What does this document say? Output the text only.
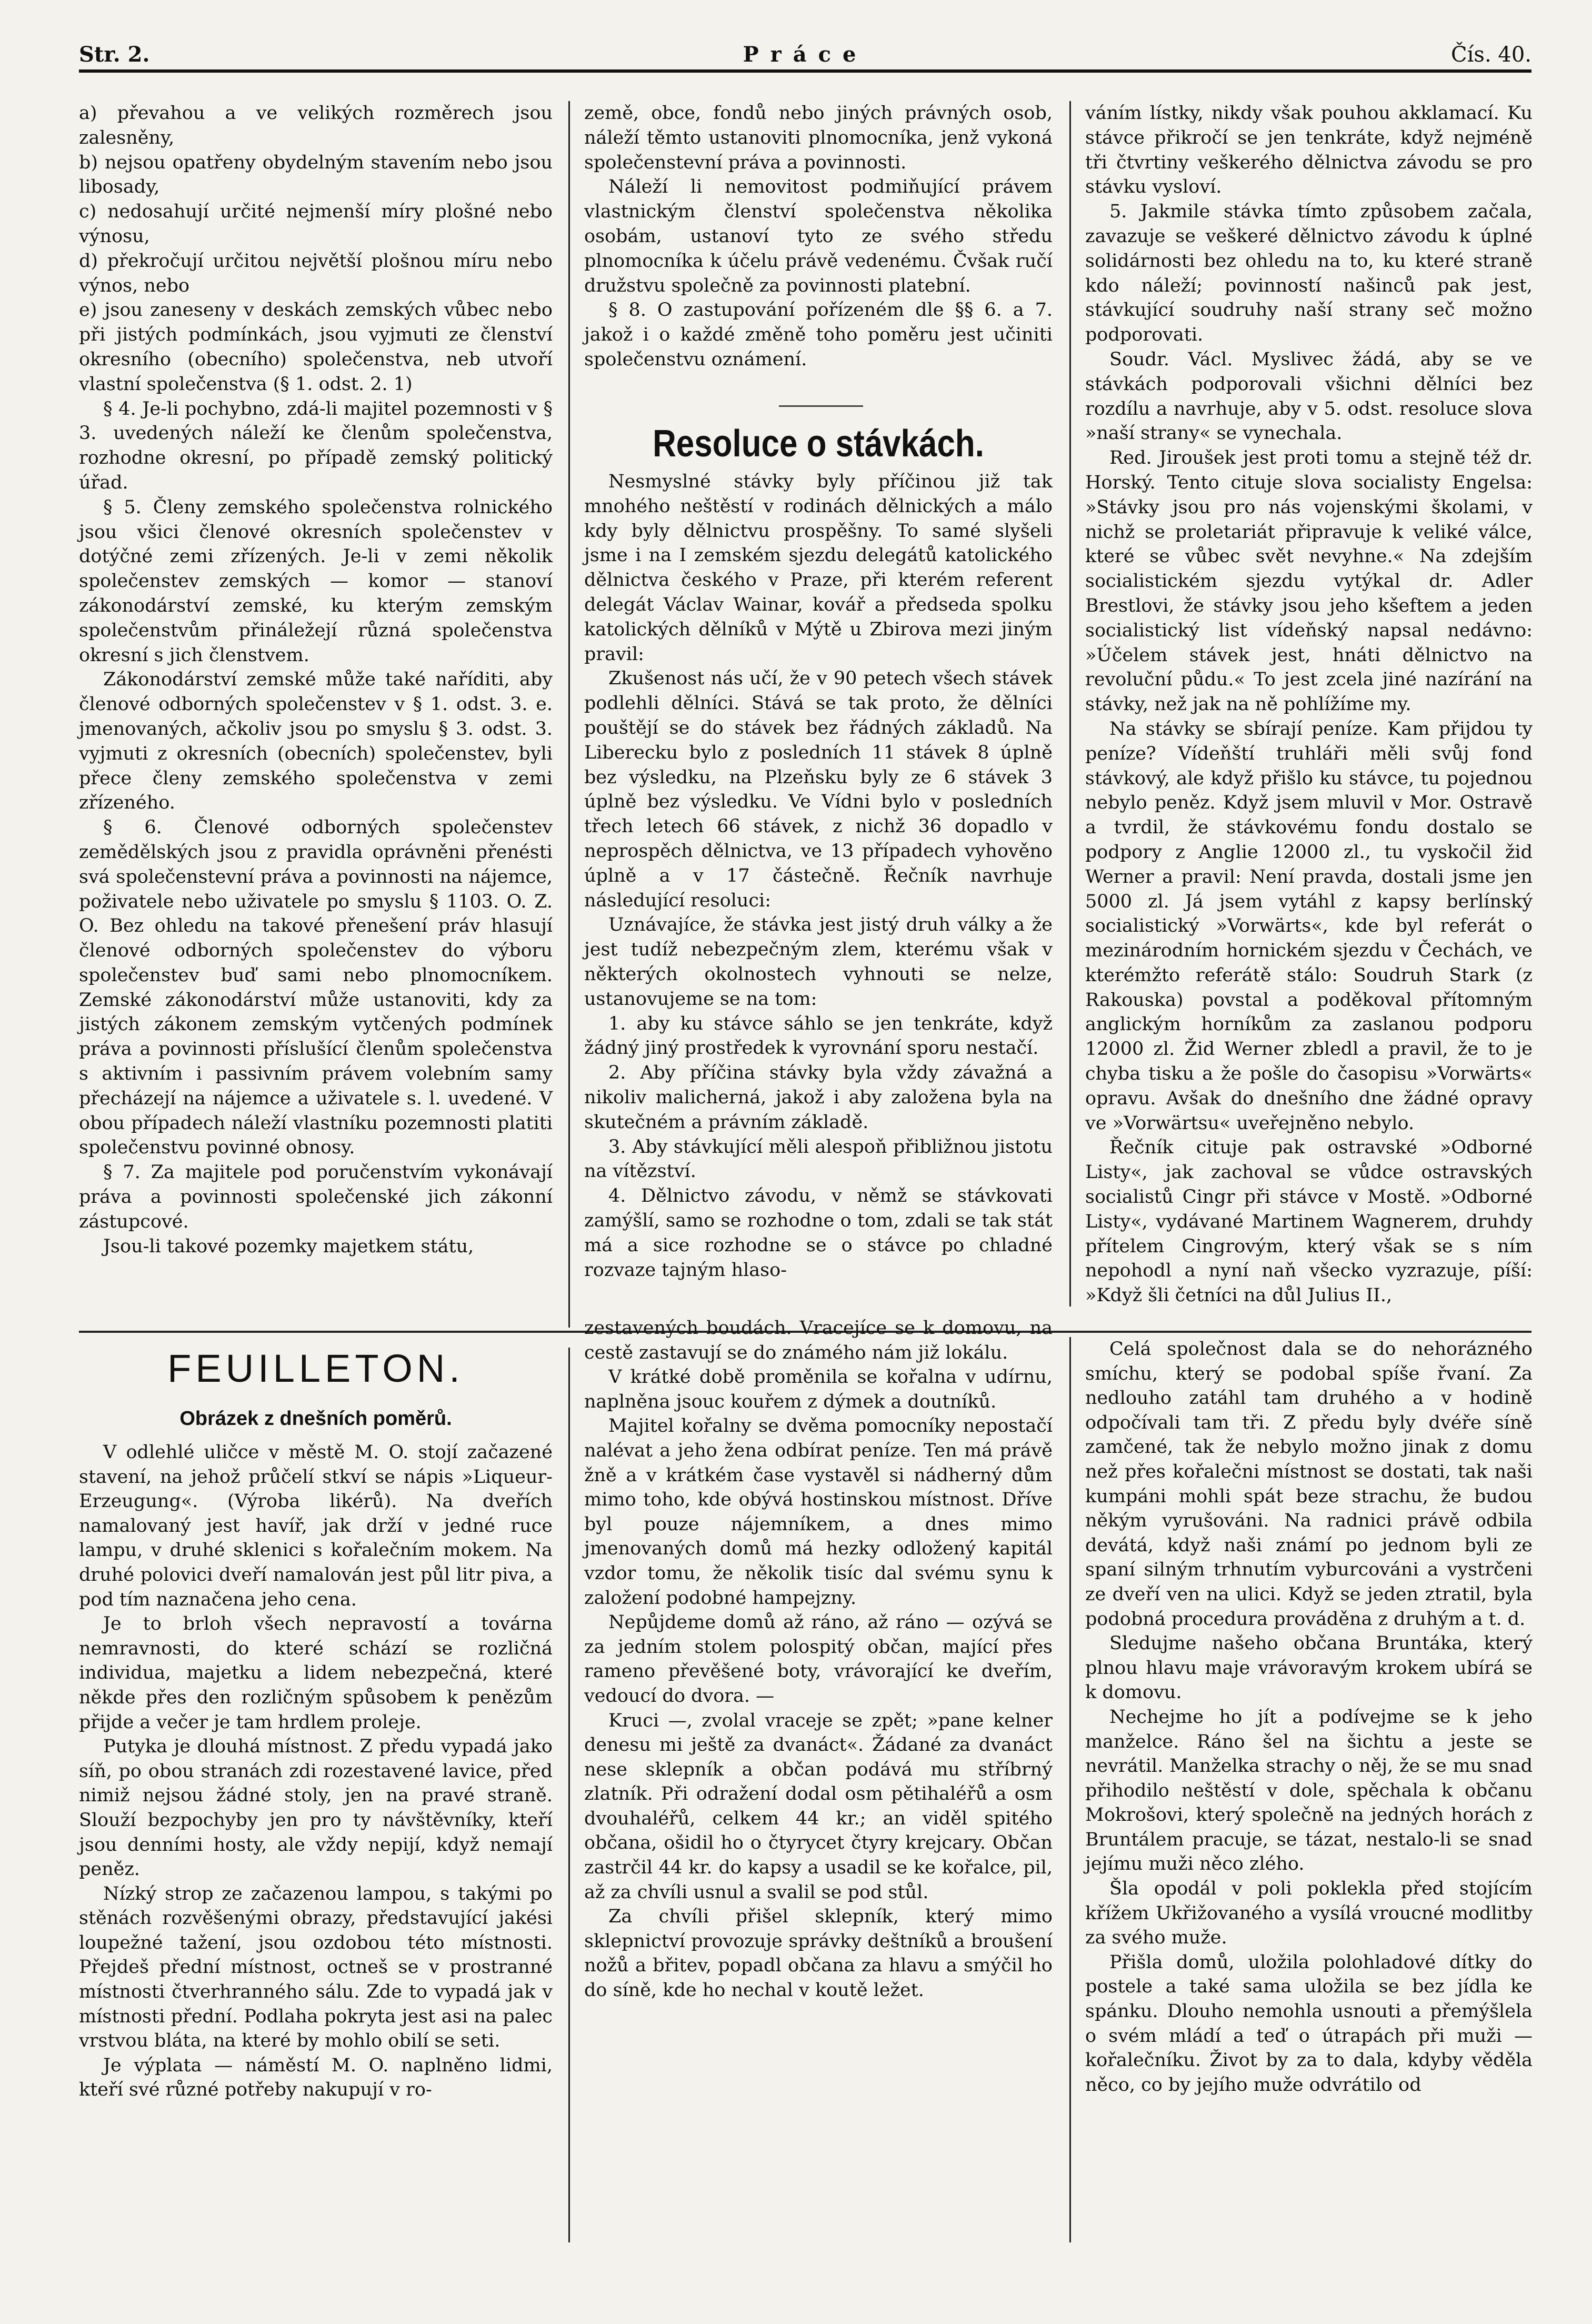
Str. 2.	Práce	Čís. 40.

a) převahou a ve velikých rozměrech jsou zalesněny,

b) nejsou opatřeny obydelným stavením nebo jsou libosady,

c) nedosahují určité nejmenší míry plošné nebo výnosu,

d) překročují určitou největší plošnou míru nebo výnos, nebo

e) jsou zaneseny v deskách zemských vůbec nebo při jistých podmínkách, jsou vyjmuti ze členství okresního (obecního) společenstva, neb utvoří vlastní společenstva (§ 1. odst. 2. 1)

§ 4. Je-li pochybno, zdá-li majitel pozemnosti v § 3. uvedených náleží ke členům společenstva, rozhodne okresní, po případě zemský politický úřad.

§ 5. Členy zemského společenstva rolnického jsou všici členové okresních společenstev v dotýčné zemi zřízených. Je-li v zemi několik společenstev zemských — komor — stanoví zákonodárství zemské, ku kterým zemským společenstvům přináležejí různá společenstva okresní s jich členstvem.

Zákonodárství zemské může také naříditi, aby členové odborných společenstev v § 1. odst. 3. e. jmenovaných, ačkoliv jsou po smyslu § 3. odst. 3. vyjmuti z okresních (obecních) společenstev, byli přece členy zemského společenstva v zemi zřízeného.

§ 6. Členové odborných společenstev zemědělských jsou z pravidla oprávněni přenésti svá společenstevní práva a povinnosti na nájemce, poživatele nebo uživatele po smyslu § 1103. O. Z. O. Bez ohledu na takové přenešení práv hlasují členové odborných společenstev do výboru společenstev buď sami nebo plnomocníkem. Zemské zákonodárství může ustanoviti, kdy za jistých zákonem zemským vytčených podmínek práva a povinnosti příslušící členům společenstva s aktivním i passivním právem volebním samy přecházejí na nájemce a uživatele s. l. uvedené. V obou případech náleží vlastníku pozemnosti platiti společenstvu povinné obnosy.

§ 7. Za majitele pod poručenstvím vykonávají práva a povinnosti společenské jich zákonní zástupcové.

Jsou-li takové pozemky majetkem státu,

země, obce, fondů nebo jiných právných osob, náleží těmto ustanoviti plnomocníka, jenž vykoná společenstevní práva a povinnosti.

Náleží li nemovitost podmiňující právem vlastnickým členství společenstva několika osobám, ustanoví tyto ze svého středu plnomocníka k účelu právě vedenému. Čvšak ručí družstvu společně za povinnosti platební.

§ 8. O zastupování pořízeném dle §§ 6. a 7. jakož i o každé změně toho poměru jest učiniti společenstvu oznámení.

Resoluce o stávkách.

Nesmyslné stávky byly příčinou již tak mnohého neštěstí v rodinách dělnických a málo kdy byly dělnictvu prospěšny. To samé slyšeli jsme i na I zemském sjezdu delegátů katolického dělnictva českého v Praze, při kterém referent delegát Václav Wainar, kovář a předseda spolku katolických dělníků v Mýtě u Zbirova mezi jiným pravil:

Zkušenost nás učí, že v 90 petech všech stávek podlehli dělníci. Stává se tak proto, že dělníci pouštějí se do stávek bez řádných základů. Na Liberecku bylo z posledních 11 stávek 8 úplně bez výsledku, na Plzeňsku byly ze 6 stávek 3 úplně bez výsledku. Ve Vídni bylo v posledních třech letech 66 stávek, z nichž 36 dopadlo v neprospěch dělnictva, ve 13 případech vyhověno úplně a v 17 částečně. Řečník navrhuje následující resoluci:

Uznávajíce, že stávka jest jistý druh války a že jest tudíž nebezpečným zlem, kterému však v některých okolnostech vyhnouti se nelze, ustanovujeme se na tom:

1. aby ku stávce sáhlo se jen tenkráte, když žádný jiný prostředek k vyrovnání sporu nestačí.

2. Aby příčina stávky byla vždy závažná a nikoliv malicherná, jakož i aby založena byla na skutečném a právním základě.

3. Aby stávkující měli alespoň přibližnou jistotu na vítězství.

4. Dělnictvo závodu, v němž se stávkovati zamýšlí, samo se rozhodne o tom, zdali se tak stát má a sice rozhodne se o stávce po chladné rozvaze tajným hlaso-

váním lístky, nikdy však pouhou akklamací. Ku stávce přikročí se jen tenkráte, když nejméně tři čtvrtiny veškerého dělnictva závodu se pro stávku vysloví.

5. Jakmile stávka tímto způsobem začala, zavazuje se veškeré dělnictvo závodu k úplné solidárnosti bez ohledu na to, ku které straně kdo náleží; povinností našinců pak jest, stávkující soudruhy naší strany seč možno podporovati.

Soudr. Václ. Myslivec žádá, aby se ve stávkách podporovali všichni dělníci bez rozdílu a navrhuje, aby v 5. odst. resoluce slova »naší strany« se vynechala.

Red. Jiroušek jest proti tomu a stejně též dr. Horský. Tento cituje slova socialisty Engelsa: »Stávky jsou pro nás vojenskými školami, v nichž se proletariát připravuje k veliké válce, které se vůbec svět nevyhne.« Na zdejším socialistickém sjezdu vytýkal dr. Adler Brestlovi, že stávky jsou jeho kšeftem a jeden socialistický list vídeňský napsal nedávno: »Účelem stávek jest, hnáti dělnictvo na revoluční půdu.« To jest zcela jiné nazírání na stávky, než jak na ně pohlížíme my.

Na stávky se sbírají peníze. Kam přijdou ty peníze? Vídeňští truhláři měli svůj fond stávkový, ale když přišlo ku stávce, tu pojednou nebylo peněz. Když jsem mluvil v Mor. Ostravě a tvrdil, že stávkovému fondu dostalo se podpory z Anglie 12000 zl., tu vyskočil žid Werner a pravil: Není pravda, dostali jsme jen 5000 zl. Já jsem vytáhl z kapsy berlínský socialistický »Vorwärts«, kde byl referát o mezinárodním hornickém sjezdu v Čechách, ve kterémžto referátě stálo: Soudruh Stark (z Rakouska) povstal a poděkoval přítomným anglickým horníkům za zaslanou podporu 12000 zl. Žid Werner zbledl a pravil, že to je chyba tisku a že pošle do časopisu »Vorwärts« opravu. Avšak do dnešního dne žádné opravy ve »Vorwärtsu« uveřejněno nebylo.

Řečník cituje pak ostravské »Odborné Listy«, jak zachoval se vůdce ostravských socialistů Cingr při stávce v Mostě. »Odborné Listy«, vydávané Martinem Wagnerem, druhdy přítelem Cingrovým, který však se s ním nepohodl a nyní naň všecko vyzrazuje, píší: »Když šli četníci na důl Julius II.,

FEUILLETON.
Obrázek z dnešních poměrů.

V odlehlé uličce v městě M. O. stojí začazené stavení, na jehož průčelí stkví se nápis »Liqueur-Erzeugung«. (Výroba likérů). Na dveřích namalovaný jest havíř, jak drží v jedné ruce lampu, v druhé sklenici s kořalečním mokem. Na druhé polovici dveří namalován jest půl litr piva, a pod tím naznačena jeho cena.

Je to brloh všech nepravostí a továrna nemravnosti, do které schází se rozličná individua, majetku a lidem nebezpečná, které někde přes den rozličným spůsobem k penězům přijde a večer je tam hrdlem proleje.

Putyka je dlouhá místnost. Z předu vypadá jako síň, po obou stranách zdi rozestavené lavice, před nimiž nejsou žádné stoly, jen na pravé straně. Slouží bezpochyby jen pro ty návštěvníky, kteří jsou denními hosty, ale vždy nepijí, když nemají peněz.

Nízký strop ze začazenou lampou, s takými po stěnách rozvěšenými obrazy, představující jakési loupežné tažení, jsou ozdobou této místnosti. Přejdeš přední místnost, octneš se v prostranné místnosti čtverhranného sálu. Zde to vypadá jak v místnosti přední. Podlaha pokryta jest asi na palec vrstvou bláta, na které by mohlo obilí se seti.

Je výplata — náměstí M. O. naplněno lidmi, kteří své různé potřeby nakupují v ro-

zestavených boudách. Vracejíce se k domovu, na cestě zastavují se do známého nám již lokálu.

V krátké době proměnila se kořalna v udírnu, naplněna jsouc kouřem z dýmek a doutníků.

Majitel kořalny se dvěma pomocníky nepostačí nalévat a jeho žena odbírat peníze. Ten má právě žně a v krátkém čase vystavěl si nádherný dům mimo toho, kde obývá hostinskou místnost. Dříve byl pouze nájemníkem, a dnes mimo jmenovaných domů má hezky odložený kapitál vzdor tomu, že několik tisíc dal svému synu k založení podobné hampejzny.

Nepůjdeme domů až ráno, až ráno — ozývá se za jedním stolem polospitý občan, mající přes rameno převěšené boty, vrávorající ke dveřím, vedoucí do dvora. —

Kruci —, zvolal vraceje se zpět; »pane kelner denesu mi ještě za dvanáct«. Žádané za dvanáct nese sklepník a občan podává mu stříbrný zlatník. Při odražení dodal osm pětihaléřů a osm dvouhaléřů, celkem 44 kr.; an viděl spitého občana, ošidil ho o čtyrycet čtyry krejcary. Občan zastrčil 44 kr. do kapsy a usadil se ke kořalce, pil, až za chvíli usnul a svalil se pod stůl.

Za chvíli přišel sklepník, který mimo sklepnictví provozuje správky deštníků a broušení nožů a břitev, popadl občana za hlavu a smýčil ho do síně, kde ho nechal v koutě ležet.

Celá společnost dala se do nehorázného smíchu, který se podobal spíše řvaní. Za nedlouho zatáhl tam druhého a v hodině odpočívali tam tři. Z předu byly dvéře síně zamčené, tak že nebylo možno jinak z domu než přes kořalečni místnost se dostati, tak naši kumpáni mohli spát beze strachu, že budou někým vyrušováni. Na radnici právě odbila devátá, když naši známí po jednom byli ze spaní silným trhnutím vyburcováni a vystrčeni ze dveří ven na ulici. Když se jeden ztratil, byla podobná procedura prováděna z druhým a t. d.

Sledujme našeho občana Bruntáka, který plnou hlavu maje vrávoravým krokem ubírá se k domovu.

Nechejme ho jít a podívejme se k jeho manželce. Ráno šel na šichtu a jeste se nevrátil. Manželka strachy o něj, že se mu snad přihodilo neštěstí v dole, spěchala k občanu Mokrošovi, který společně na jedných horách z Bruntálem pracuje, se tázat, nestalo-li se snad jejímu muži něco zlého.

Šla opodál v poli poklekla před stojícím křížem Ukřižovaného a vysílá vroucné modlitby za svého muže.

Přišla domů, uložila polohladové dítky do postele a také sama uložila se bez jídla ke spánku. Dlouho nemohla usnouti a přemýšlela o svém mládí a teď o útrapách při muži — kořalečníku. Život by za to dala, kdyby věděla něco, co by jejího muže odvrátilo od
